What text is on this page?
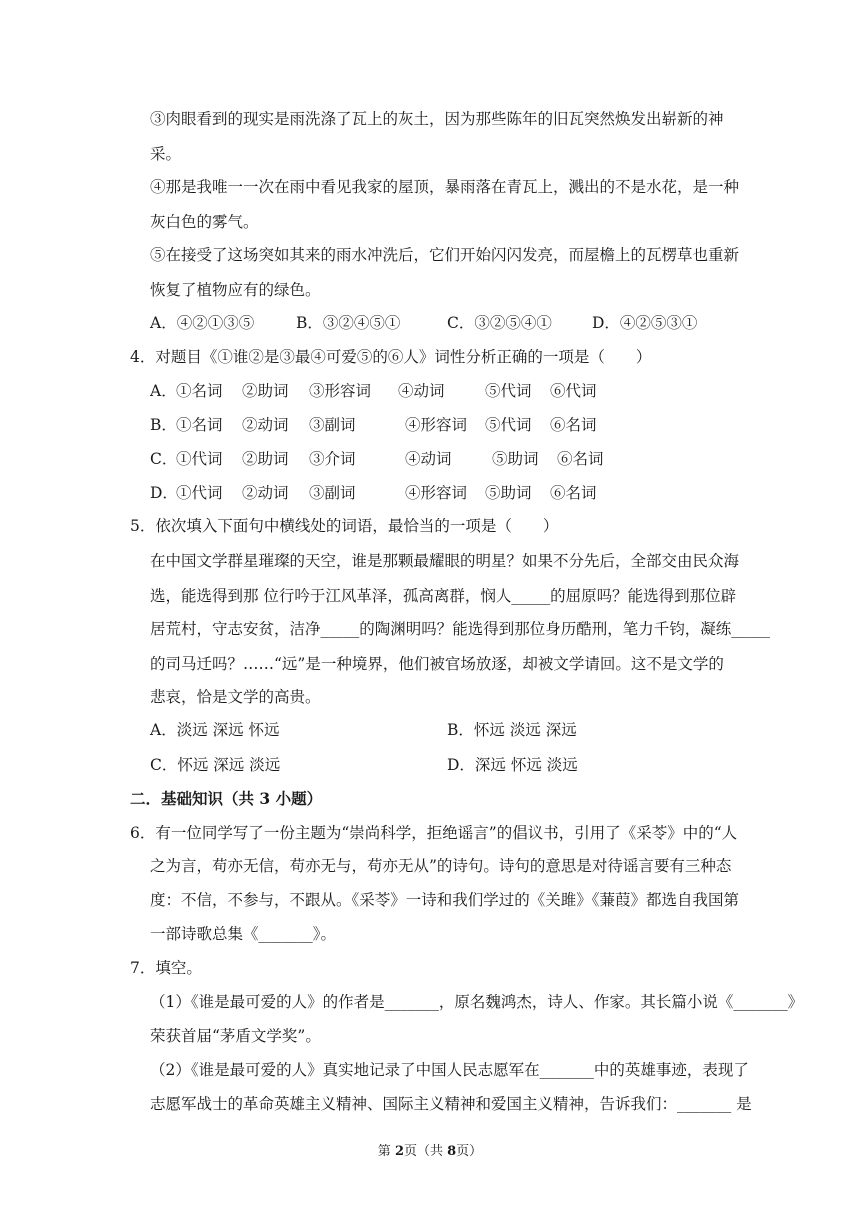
③肉眼看到的现实是雨洗涤了瓦上的灰土，因为那些陈年的旧瓦突然焕发出崭新的神
采。
④那是我唯一一次在雨中看见我家的屋顶，暴雨落在青瓦上，溅出的不是水花，是一种
灰白色的雾气。
⑤在接受了这场突如其来的雨水冲洗后，它们开始闪闪发亮，而屋檐上的瓦楞草也重新
恢复了植物应有的绿色。
A．④②①③⑤	B．③②④⑤①	C．③②⑤④①	D．④②⑤③①
4．对题目《①谁②是③最④可爱⑤的⑥人》词性分析正确的一项是（　　）
A． ①名词 ②助词 ③形容词 ④动词	⑤代词 ⑥代词
B． ①名词 ②动词 ③副词	④形容词 ⑤代词 ⑥名词
C．
①代词 ②助词 ③介词	④动词	⑤助词 ⑥名词
D．
①代词 ②动词 ③副词	④形容词 ⑤助词 ⑥名词
5．依次填入下面句中横线处的词语，最恰当的一项是（　　）
在中国文学群星璀璨的天空，谁是那颗最耀眼的明星？如果不分先后，全部交由民众海
选，能选得到那 位行吟于江风革泽，孤高离群，悯人_____的屈原吗？能选得到那位辟
居荒村，守志安贫，洁净_____的陶渊明吗？能选得到那位身历酷刑，笔力千钧，凝练_____
的司马迁吗？……“远”是一种境界，他们被官场放逐，却被文学请回。这不是文学的
悲哀，恰是文学的高贵。
A．淡远 深远 怀远	B．怀远 淡远 深远
C．怀远 深远 淡远	D．深远 怀远 淡远
二．基础知识（共 3 小题）
6．有一位同学写了一份主题为“崇尚科学，拒绝谣言”的倡议书，引用了《采苓》中的“人
之为言，苟亦无信，苟亦无与，苟亦无从”的诗句。诗句的意思是对待谣言要有三种态
度：不信，不参与，不跟从。《采苓》一诗和我们学过的《关雎》《蒹葭》都选自我国第
一部诗歌总集《_______》。
7．填空。
（1）《谁是最可爱的人》的作者是_______，原名魏鸿杰，诗人、作家。其长篇小说《_______》
荣获首届“茅盾文学奖”。
（2）《谁是最可爱的人》真实地记录了中国人民志愿军在_______中的英雄事迹，表现了
志愿军战士的革命英雄主义精神、国际主义精神和爱国主义精神，告诉我们：_______ 是
第 2页（共 8页）
